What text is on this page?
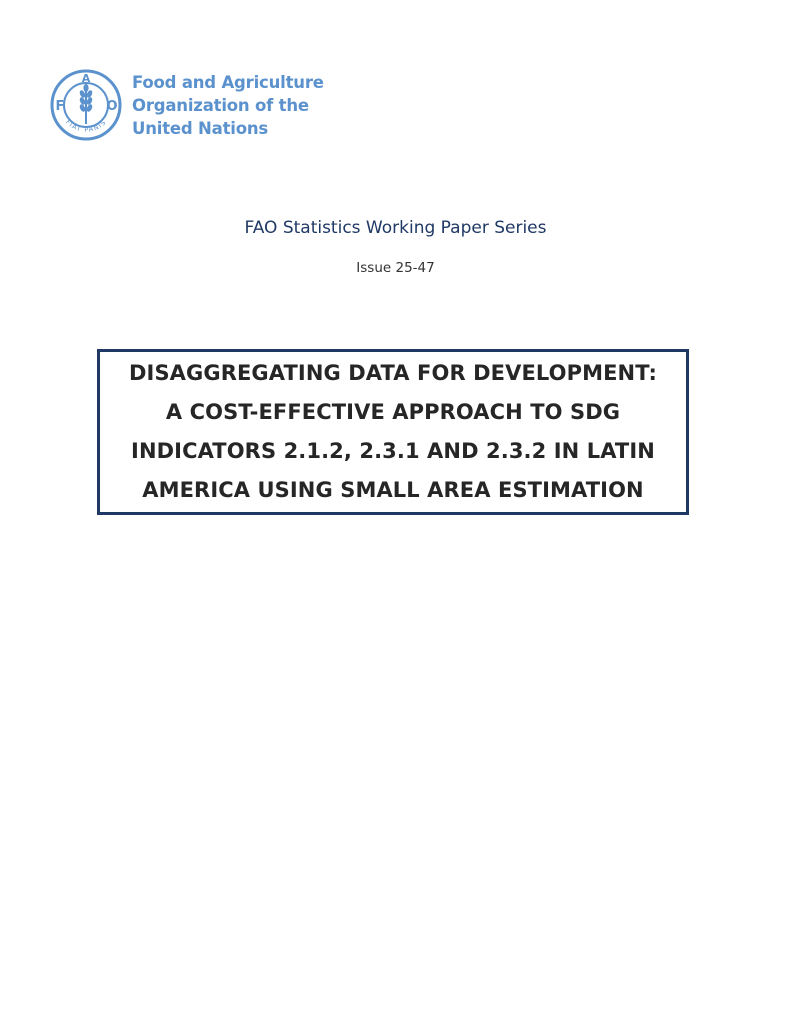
F
A
O
FIAT PANIS
Food and Agriculture
Organization of the
United Nations
FAO Statistics Working Paper Series
Issue 25-47
DISAGGREGATING DATA FOR DEVELOPMENT:
A COST-EFFECTIVE APPROACH TO SDG
INDICATORS 2.1.2, 2.3.1 AND 2.3.2 IN LATIN
AMERICA USING SMALL AREA ESTIMATION
